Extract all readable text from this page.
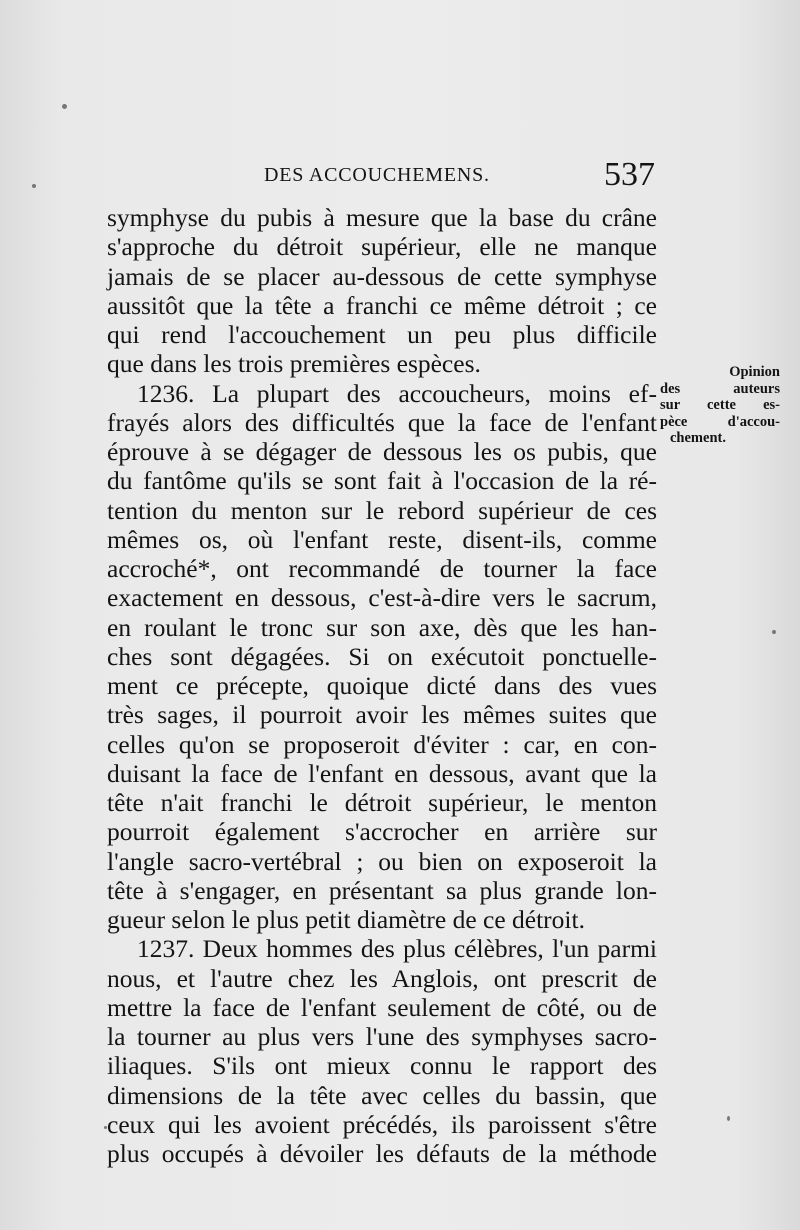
DES ACCOUCHEMENS.	537
symphyse du pubis à mesure que la base du crâne
s'approche du détroit supérieur, elle ne manque
jamais de se placer au-dessous de cette symphyse
aussitôt que la tête a franchi ce même détroit ; ce
qui rend l'accouchement un peu plus difficile
que dans les trois premières espèces.
1236. La plupart des accoucheurs, moins ef-
frayés alors des difficultés que la face de l'enfant
éprouve à se dégager de dessous les os pubis, que
du fantôme qu'ils se sont fait à l'occasion de la ré-
tention du menton sur le rebord supérieur de ces
mêmes os, où l'enfant reste, disent-ils, comme
accroché*, ont recommandé de tourner la face
exactement en dessous, c'est-à-dire vers le sacrum,
en roulant le tronc sur son axe, dès que les han-
ches sont dégagées. Si on exécutoit ponctuelle-
ment ce précepte, quoique dicté dans des vues
très sages, il pourroit avoir les mêmes suites que
celles qu'on se proposeroit d'éviter : car, en con-
duisant la face de l'enfant en dessous, avant que la
tête n'ait franchi le détroit supérieur, le menton
pourroit également s'accrocher en arrière sur
l'angle sacro-vertébral ; ou bien on exposeroit la
tête à s'engager, en présentant sa plus grande lon-
gueur selon le plus petit diamètre de ce détroit.
1237. Deux hommes des plus célèbres, l'un parmi
nous, et l'autre chez les Anglois, ont prescrit de
mettre la face de l'enfant seulement de côté, ou de
la tourner au plus vers l'une des symphyses sacro-
iliaques. S'ils ont mieux connu le rapport des
dimensions de la tête avec celles du bassin, que
ceux qui les avoient précédés, ils paroissent s'être
plus occupés à dévoiler les défauts de la méthode
Opinion
des auteurs
sur cette es-
pèce d'accou-
chement.
